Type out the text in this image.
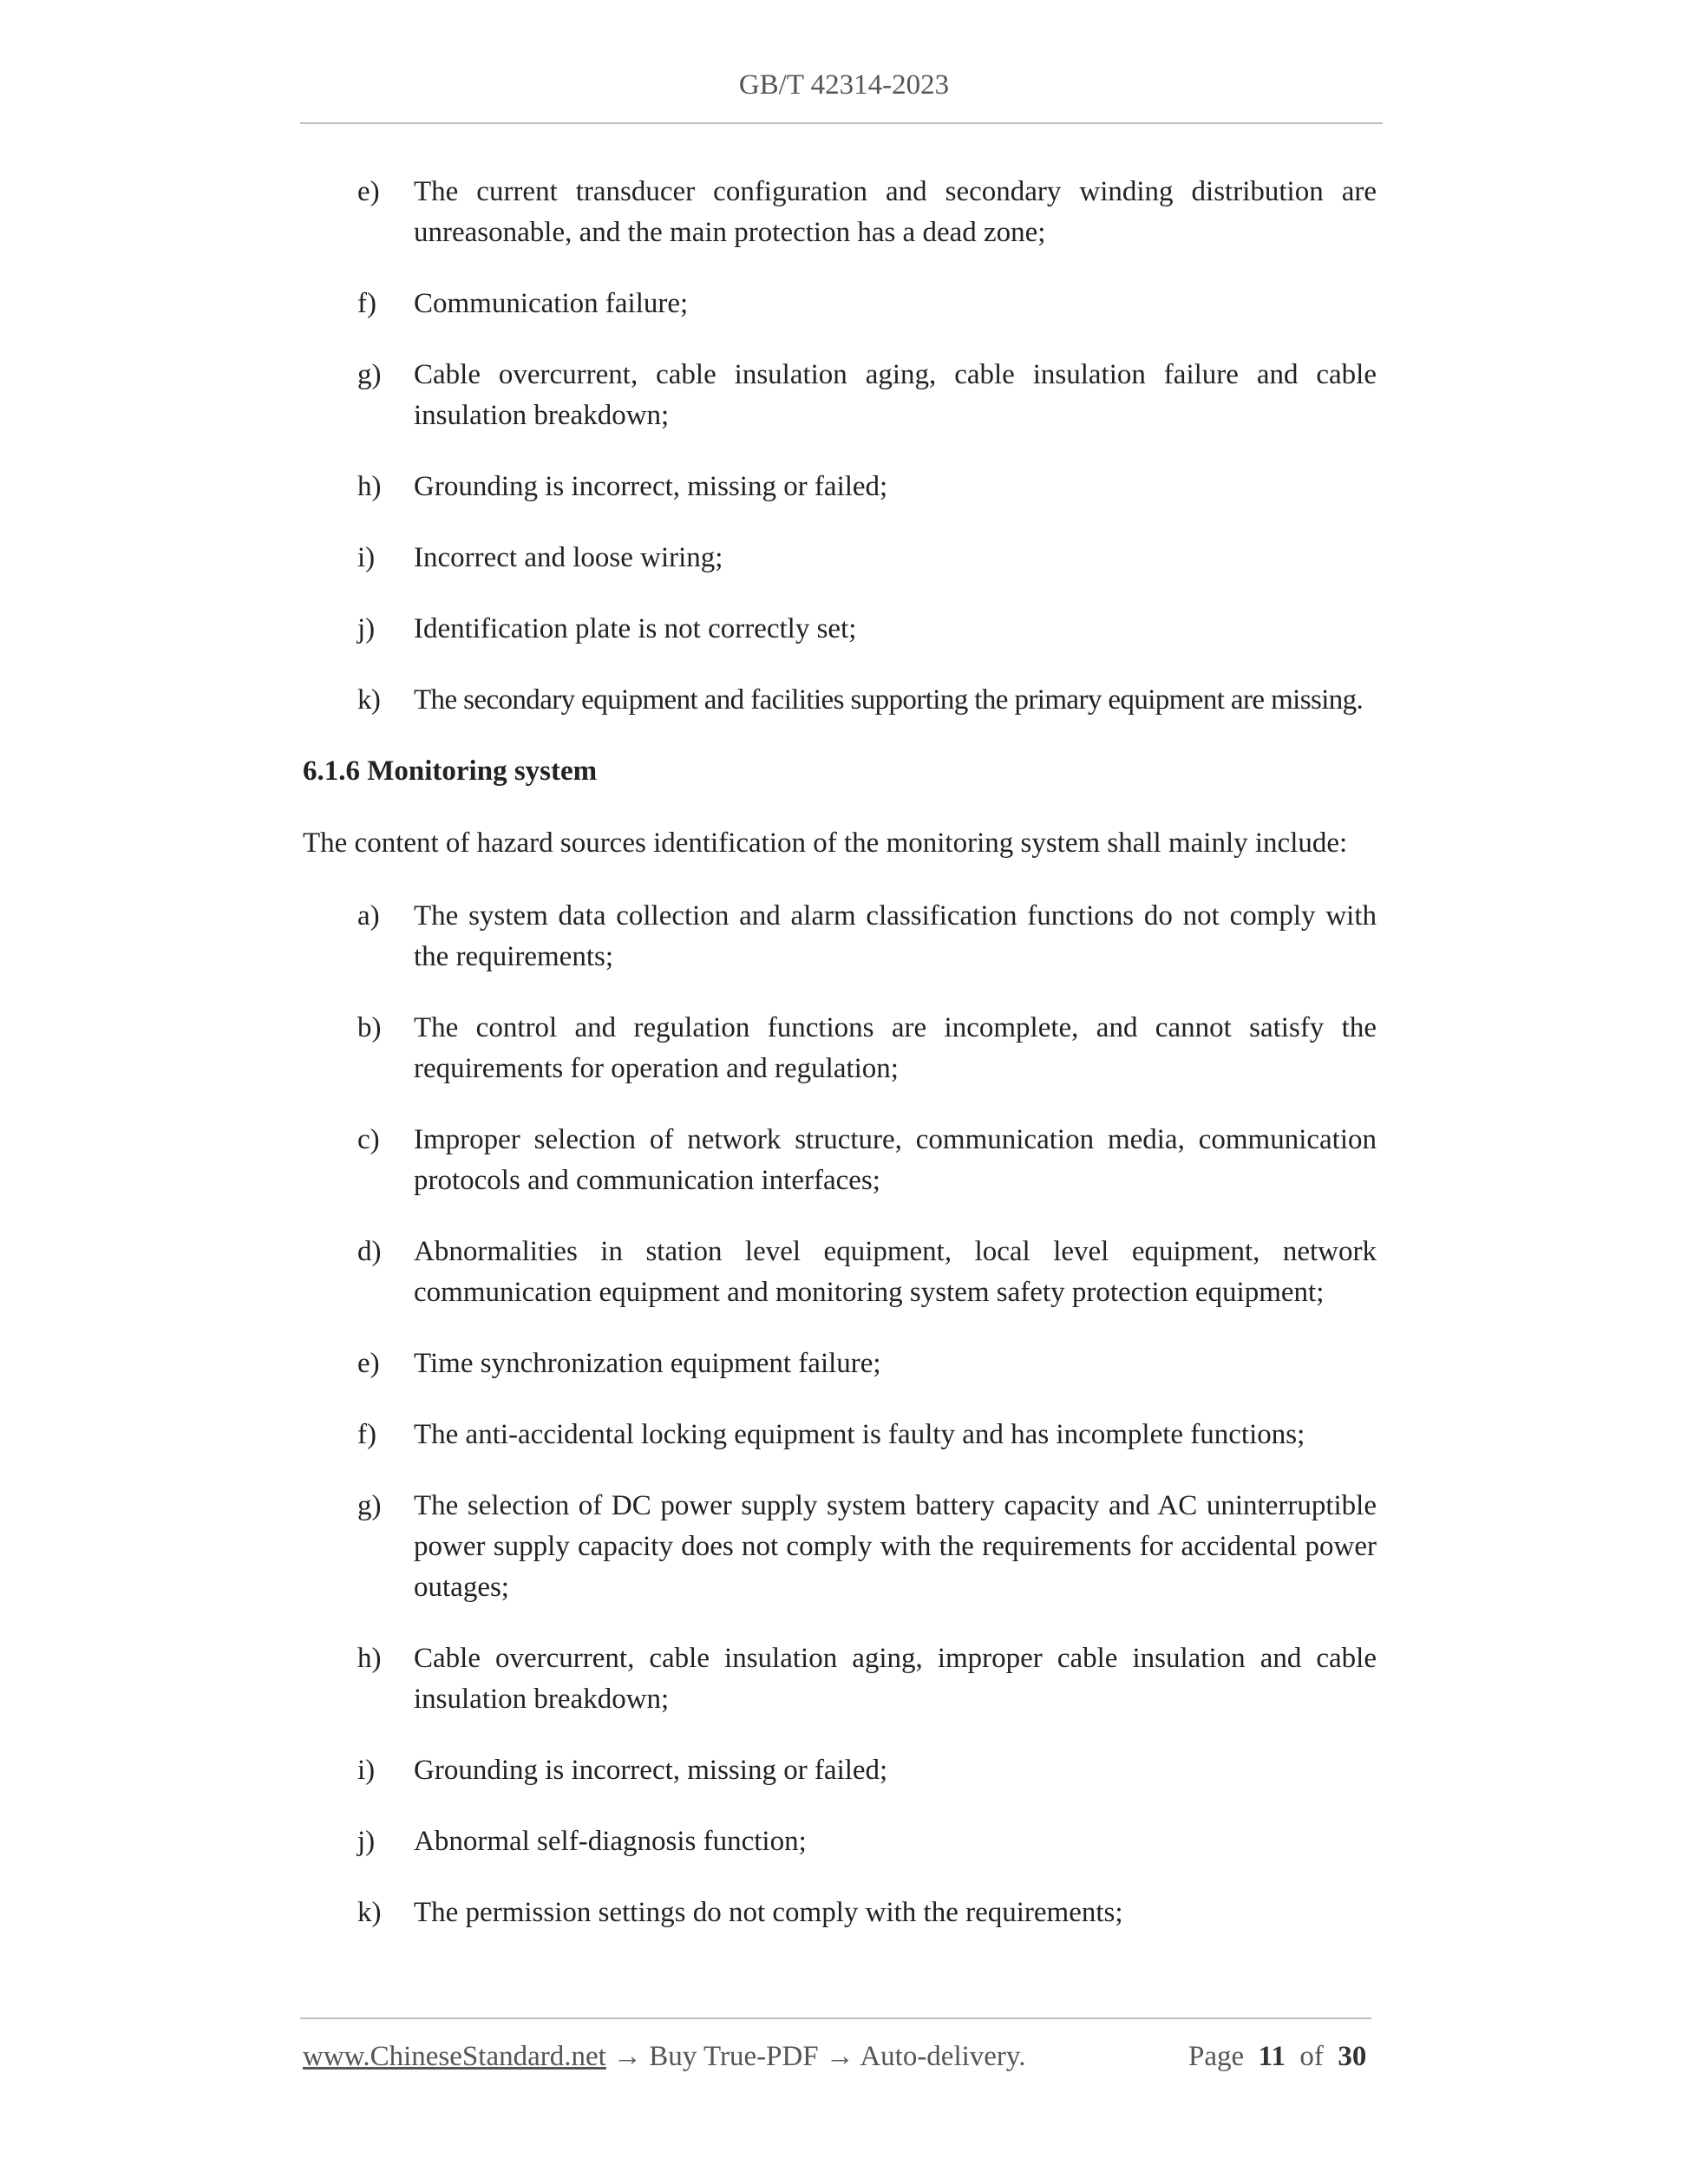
GB/T 42314-2023
e) The current transducer configuration and secondary winding distribution are unreasonable, and the main protection has a dead zone;
f) Communication failure;
g) Cable overcurrent, cable insulation aging, cable insulation failure and cable insulation breakdown;
h) Grounding is incorrect, missing or failed;
i) Incorrect and loose wiring;
j) Identification plate is not correctly set;
k) The secondary equipment and facilities supporting the primary equipment are missing.
6.1.6 Monitoring system
The content of hazard sources identification of the monitoring system shall mainly include:
a) The system data collection and alarm classification functions do not comply with the requirements;
b) The control and regulation functions are incomplete, and cannot satisfy the requirements for operation and regulation;
c) Improper selection of network structure, communication media, communication protocols and communication interfaces;
d) Abnormalities in station level equipment, local level equipment, network communication equipment and monitoring system safety protection equipment;
e) Time synchronization equipment failure;
f) The anti-accidental locking equipment is faulty and has incomplete functions;
g) The selection of DC power supply system battery capacity and AC uninterruptible power supply capacity does not comply with the requirements for accidental power outages;
h) Cable overcurrent, cable insulation aging, improper cable insulation and cable insulation breakdown;
i) Grounding is incorrect, missing or failed;
j) Abnormal self-diagnosis function;
k) The permission settings do not comply with the requirements;
www.ChineseStandard.net → Buy True-PDF → Auto-delivery.	Page 11 of 30
